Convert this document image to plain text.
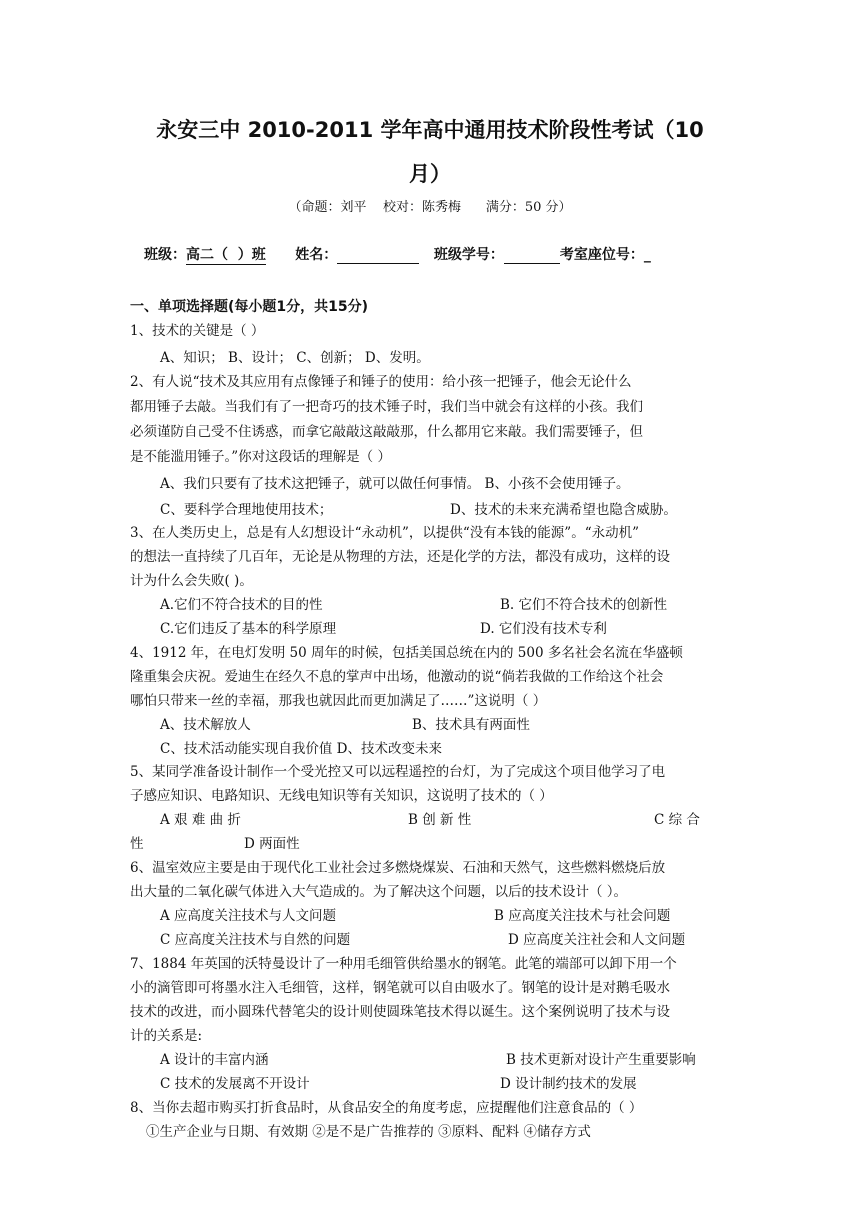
永安三中 2010-2011 学年高中通用技术阶段性考试（10
月）
（命题：刘平    校对：陈秀梅      满分：50 分）
班级：高二（  ）班 姓名：	班级学号：	考室座位号：_
一、单项选择题(每小题1分，共15分)
1、技术的关键是（ ）
A、知识； B、设计； C、创新； D、发明。
2、有人说“技术及其应用有点像锤子和锤子的使用：给小孩一把锤子，他会无论什么
都用锤子去敲。当我们有了一把奇巧的技术锤子时，我们当中就会有这样的小孩。我们
必须谨防自己受不住诱惑，而拿它敲敲这敲敲那，什么都用它来敲。我们需要锤子，但
是不能滥用锤子。”你对这段话的理解是（ ）
A、我们只要有了技术这把锤子，就可以做任何事情。 B、小孩不会使用锤子。
C、要科学合理地使用技术；	D、技术的未来充满希望也隐含威胁。
3、在人类历史上，总是有人幻想设计“永动机”，以提供“没有本钱的能源”。“永动机”
的想法一直持续了几百年，无论是从物理的方法，还是化学的方法，都没有成功，这样的设
计为什么会失败( )。
A.它们不符合技术的目的性	B. 它们不符合技术的创新性
C.它们违反了基本的科学原理	D. 它们没有技术专利
4、1912 年，在电灯发明 50 周年的时候，包括美国总统在内的 500 多名社会名流在华盛顿
隆重集会庆祝。爱迪生在经久不息的掌声中出场，他激动的说“倘若我做的工作给这个社会
哪怕只带来一丝的幸福，那我也就因此而更加满足了……”这说明（ ）
A、技术解放人	B、技术具有两面性
C、技术活动能实现自我价值 D、技术改变未来
5、某同学准备设计制作一个受光控又可以远程遥控的台灯，为了完成这个项目他学习了电
子感应知识、电路知识、无线电知识等有关知识，这说明了技术的（ ）
A 艰 难 曲 折	B 创 新 性	C 综 合
性	D 两面性
6、温室效应主要是由于现代化工业社会过多燃烧煤炭、石油和天然气，这些燃料燃烧后放
出大量的二氧化碳气体进入大气造成的。为了解决这个问题，以后的技术设计（ ）。
A 应高度关注技术与人文问题	B 应高度关注技术与社会问题
C 应高度关注技术与自然的问题	D 应高度关注社会和人文问题
7、1884 年英国的沃特曼设计了一种用毛细管供给墨水的钢笔。此笔的端部可以卸下用一个
小的滴管即可将墨水注入毛细管，这样，钢笔就可以自由吸水了。钢笔的设计是对鹅毛吸水
技术的改进，而小圆珠代替笔尖的设计则使圆珠笔技术得以诞生。这个案例说明了技术与设
计的关系是:
A 设计的丰富内涵	B 技术更新对设计产生重要影响
C 技术的发展离不开设计	D 设计制约技术的发展
8、当你去超市购买打折食品时，从食品安全的角度考虑，应提醒他们注意食品的（ ）
①生产企业与日期、有效期 ②是不是广告推荐的 ③原料、配料 ④储存方式
